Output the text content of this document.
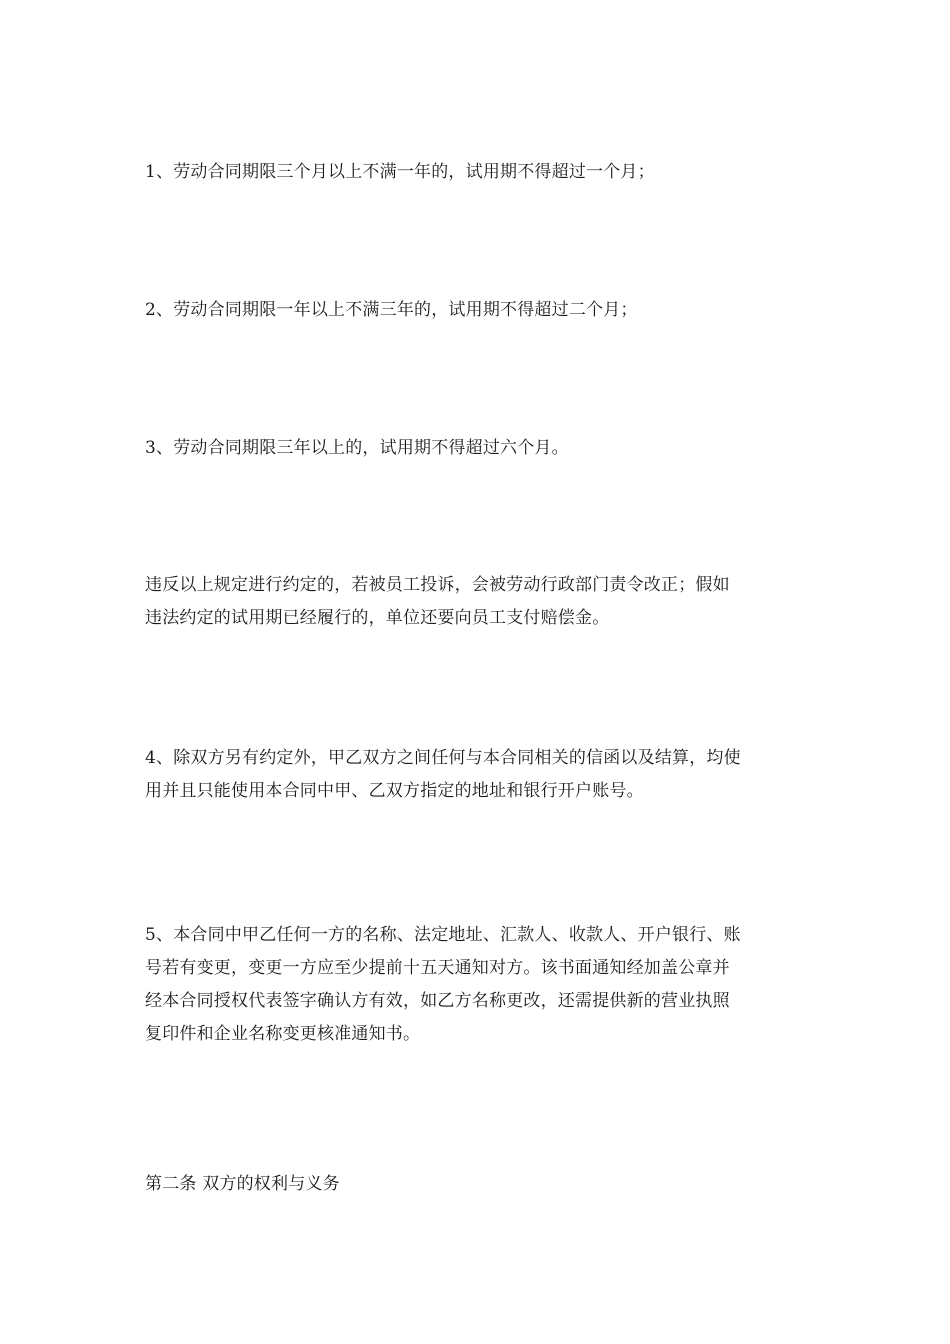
1、劳动合同期限三个月以上不满一年的，试用期不得超过一个月；

2、劳动合同期限一年以上不满三年的，试用期不得超过二个月；

3、劳动合同期限三年以上的，试用期不得超过六个月。

违反以上规定进行约定的，若被员工投诉，会被劳动行政部门责令改正；假如
违法约定的试用期已经履行的，单位还要向员工支付赔偿金。

4、除双方另有约定外，甲乙双方之间任何与本合同相关的信函以及结算，均使
用并且只能使用本合同中甲、乙双方指定的地址和银行开户账号。

5、本合同中甲乙任何一方的名称、法定地址、汇款人、收款人、开户银行、账
号若有变更，变更一方应至少提前十五天通知对方。该书面通知经加盖公章并
经本合同授权代表签字确认方有效，如乙方名称更改，还需提供新的营业执照
复印件和企业名称变更核准通知书。

第二条 双方的权利与义务
